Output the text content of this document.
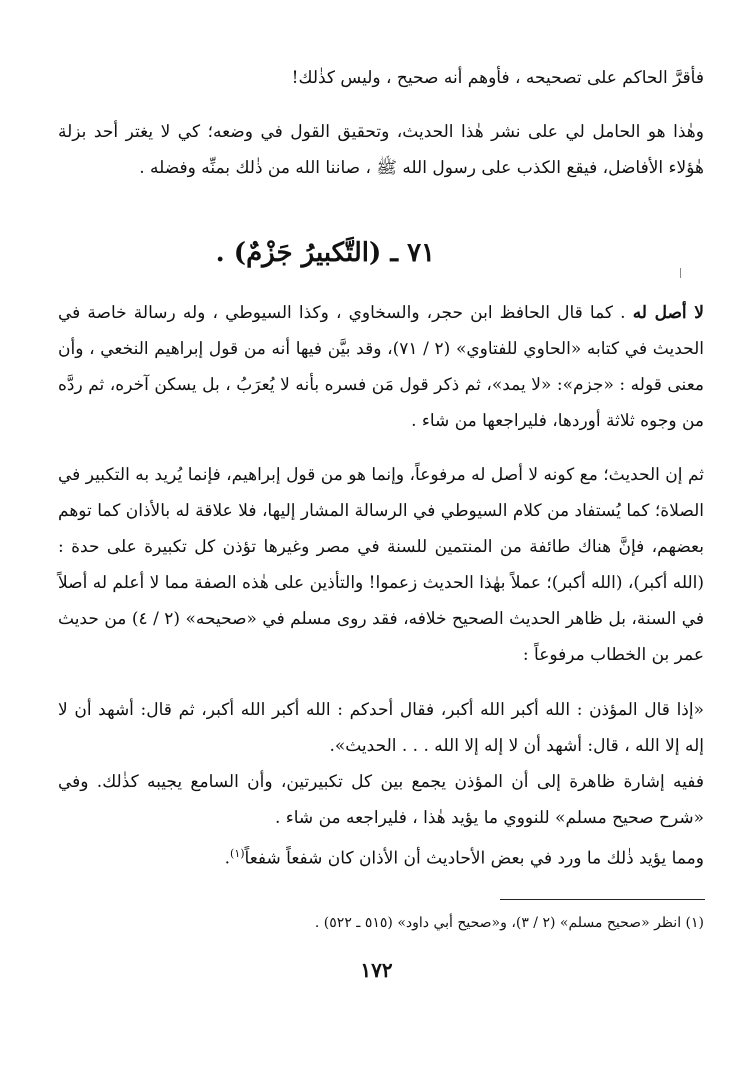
فأقرَّ الحاكم على تصحيحه ، فأوهم أنه صحيح ، وليس كذٰلك!

وهٰذا هو الحامل لي على نشر هٰذا الحديث، وتحقيق القول في وضعه؛ كي لا يغتر أحد بزلة هٰؤلاء الأفاضل، فيقع الكذب على رسول الله ﷺ ، صاننا الله من ذٰلك بمنِّه وفضله .

٧١ ـ (التَّكبيرُ جَزْمٌ) .

لا أصل له . كما قال الحافظ ابن حجر، والسخاوي ، وكذا السيوطي ، وله رسالة خاصة في الحديث في كتابه «الحاوي للفتاوي» (٢ / ٧١)، وقد بيَّن فيها أنه من قول إبراهيم النخعي ، وأن معنى قوله : «جزم»: «لا يمد»، ثم ذكر قول مَن فسره بأنه لا يُعرَبُ ، بل يسكن آخره، ثم ردَّه من وجوه ثلاثة أوردها، فليراجعها من شاء .

ثم إن الحديث؛ مع كونه لا أصل له مرفوعاً، وإنما هو من قول إبراهيم، فإنما يُريد به التكبير في الصلاة؛ كما يُستفاد من كلام السيوطي في الرسالة المشار إليها، فلا علاقة له بالأذان كما توهم بعضهم، فإنَّ هناك طائفة من المنتمين للسنة في مصر وغيرها تؤذن كل تكبيرة على حدة : (الله أكبر)، (الله أكبر)؛ عملاً بهٰذا الحديث زعموا! والتأذين على هٰذه الصفة مما لا أعلم له أصلاً في السنة، بل ظاهر الحديث الصحيح خلافه، فقد روى مسلم في «صحيحه» (٢ / ٤) من حديث عمر بن الخطاب مرفوعاً :

«إذا قال المؤذن : الله أكبر الله أكبر، فقال أحدكم : الله أكبر الله أكبر، ثم قال: أشهد أن لا إله إلا الله ، قال: أشهد أن لا إله إلا الله . . . الحديث».

ففيه إشارة ظاهرة إلى أن المؤذن يجمع بين كل تكبيرتين، وأن السامع يجيبه كذٰلك. وفي «شرح صحيح مسلم» للنووي ما يؤيد هٰذا ، فليراجعه من شاء .

ومما يؤيد ذٰلك ما ورد في بعض الأحاديث أن الأذان كان شفعاً شفعاً$^{(١)}$.

(١) انظر «صحيح مسلم» (٢ / ٣)، و«صحيح أبي داود» (٥١٥ ـ ٥٢٢) .

١٧٢
